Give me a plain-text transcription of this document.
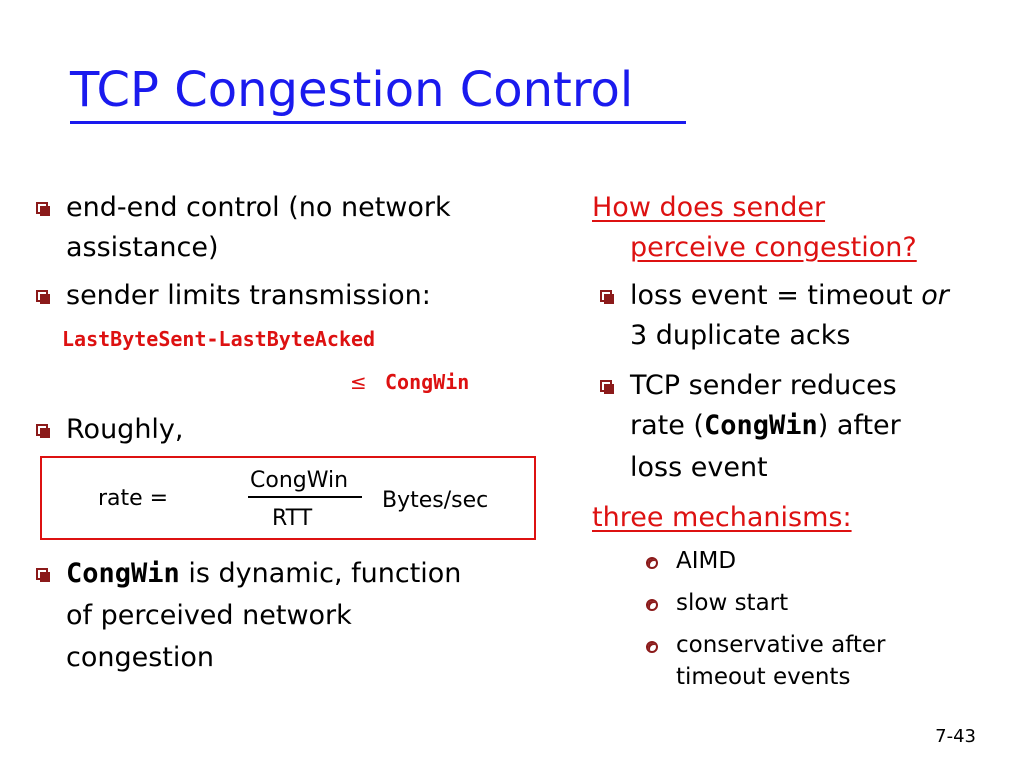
TCP Congestion Control
end-end control (no network
assistance)
sender limits transmission:
LastByteSent-LastByteAcked
≤ CongWin
Roughly,
rate =
CongWin
RTT
Bytes/sec
CongWin is dynamic, function
of perceived network
congestion
How does sender
perceive congestion?
loss event = timeout or
3 duplicate acks
TCP sender reduces
rate (CongWin) after
loss event
three mechanisms:
AIMD
slow start
conservative after
timeout events
7-43
